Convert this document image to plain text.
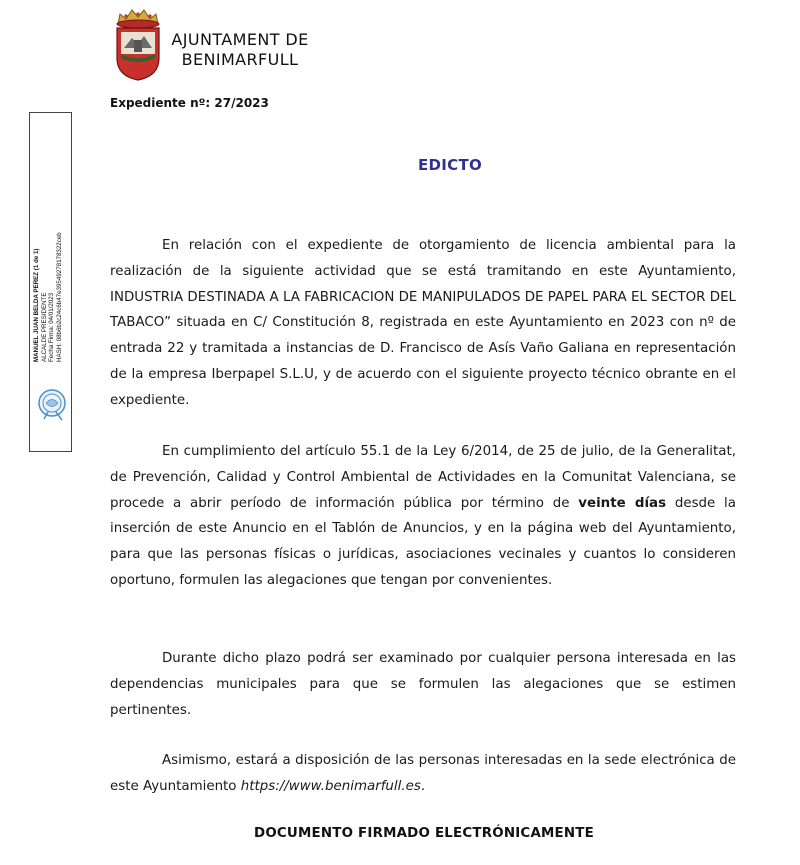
AJUNTAMENT DE
BENIMARFULL
Expediente nº: 27/2023
MANUEL JUAN BELDA PEREZ (1 de 1) ALCALDE PRESIDENTE Fecha Firma: 04/01/2023 HASH: 08b6b2c24c6b47e39549278178322ceb
EDICTO

En relación con el expediente de otorgamiento de licencia ambiental para la realización de la siguiente actividad que se está tramitando en este Ayuntamiento, INDUSTRIA DESTINADA A LA FABRICACION DE MANIPULADOS DE PAPEL PARA EL SECTOR DEL TABACO” situada en C/ Constitución 8, registrada en este Ayuntamiento en 2023 con nº de entrada 22 y tramitada a instancias de D. Francisco de Asís Vaño Galiana en representación de la empresa Iberpapel S.L.U, y de acuerdo con el siguiente proyecto técnico obrante en el expediente.

En cumplimiento del artículo 55.1 de la Ley 6/2014, de 25 de julio, de la Generalitat, de Prevención, Calidad y Control Ambiental de Actividades en la Comunitat Valenciana, se procede a abrir período de información pública por término de veinte días desde la inserción de este Anuncio en el Tablón de Anuncios, y en la página web del Ayuntamiento, para que las personas físicas o jurídicas, asociaciones vecinales y cuantos lo consideren oportuno, formulen las alegaciones que tengan por convenientes.

Durante dicho plazo podrá ser examinado por cualquier persona interesada en las dependencias municipales para que se formulen las alegaciones que se estimen pertinentes.

Asimismo, estará a disposición de las personas interesadas en la sede electrónica de este Ayuntamiento https://www.benimarfull.es.

DOCUMENTO FIRMADO ELECTRÓNICAMENTE
